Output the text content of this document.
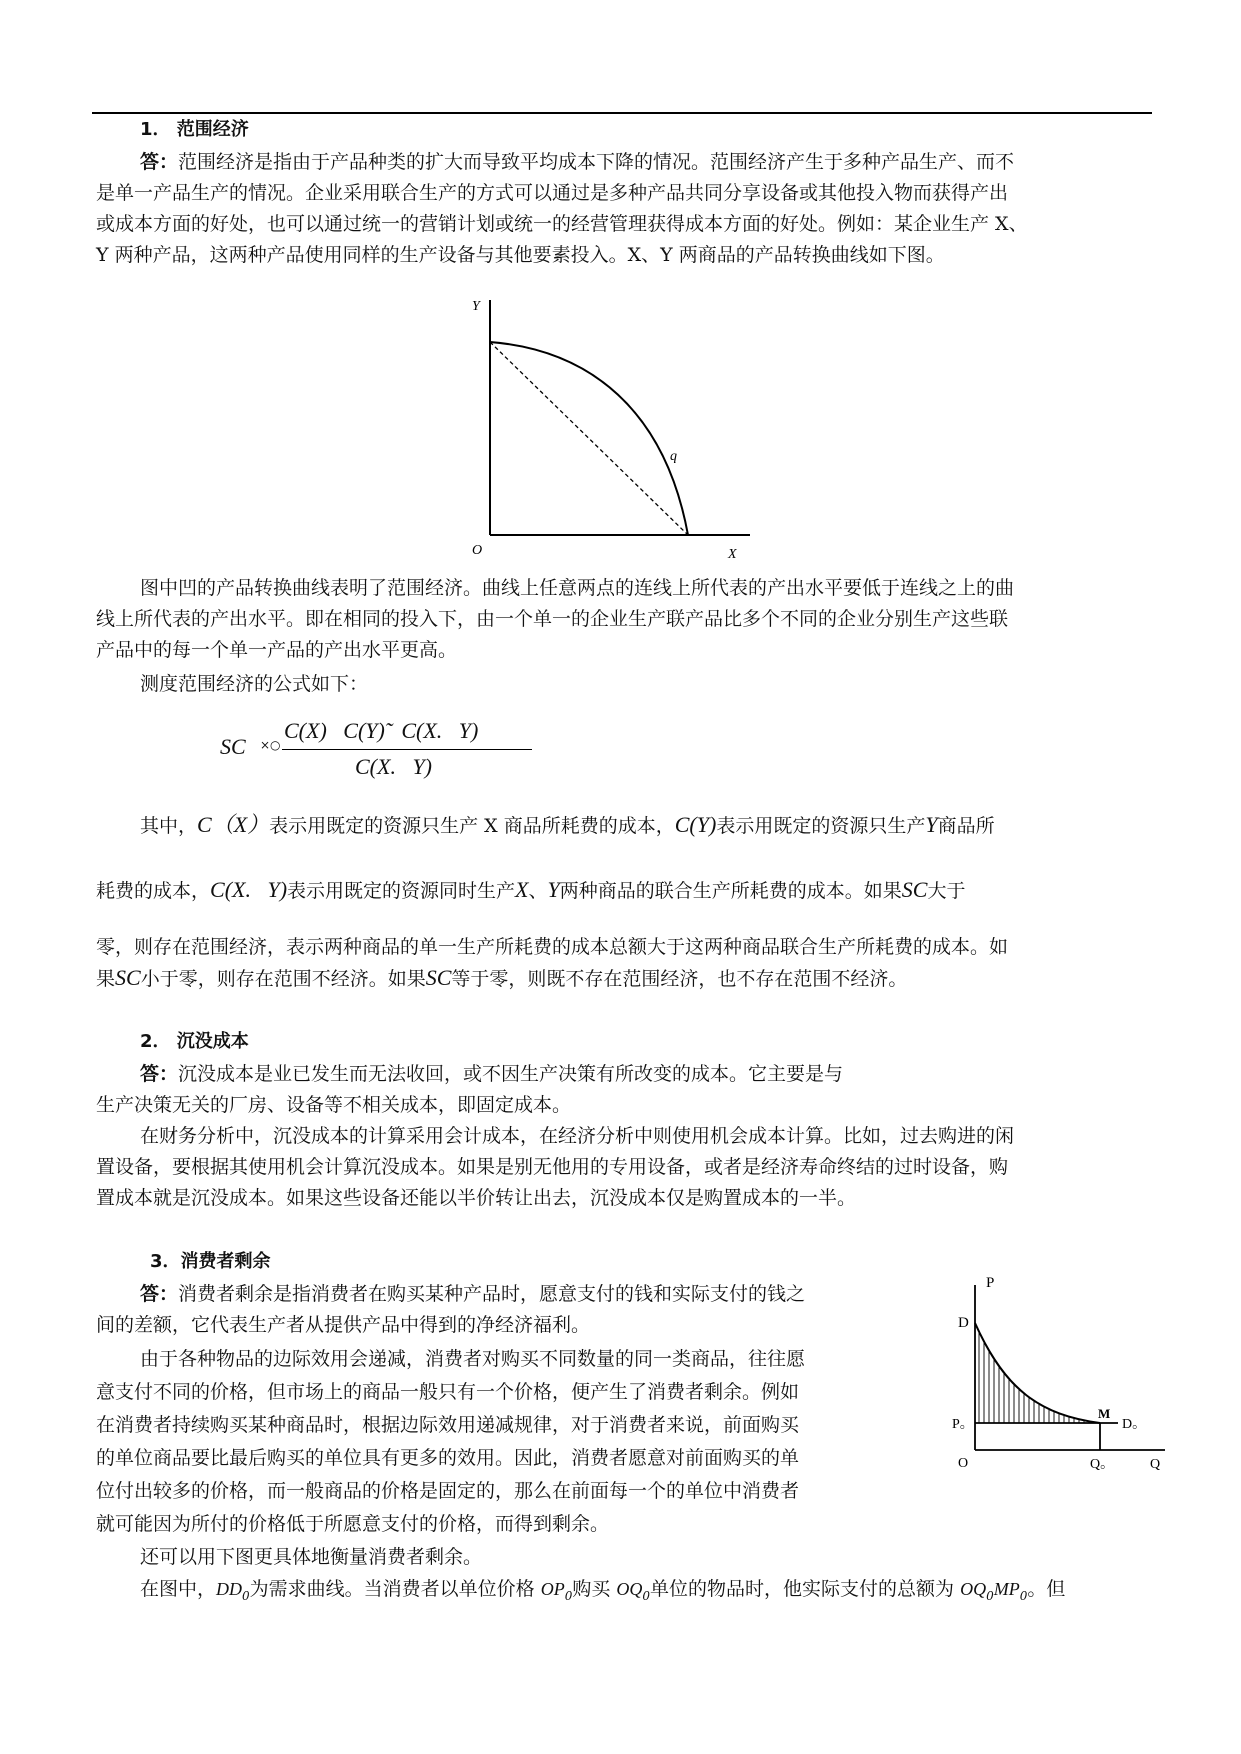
1． 范围经济
答：范围经济是指由于产品种类的扩大而导致平均成本下降的情况。范围经济产生于多种产品生产、而不
是单一产品生产的情况。企业采用联合生产的方式可以通过是多种产品共同分享设备或其他投入物而获得产出
或成本方面的好处，也可以通过统一的营销计划或统一的经营管理获得成本方面的好处。例如：某企业生产 X、
Y 两种产品，这两种产品使用同样的生产设备与其他要素投入。X、Y 两商品的产品转换曲线如下图。
Y
O	X
q
图中凹的产品转换曲线表明了范围经济。曲线上任意两点的连线上所代表的产出水平要低于连线之上的曲
线上所代表的产出水平。即在相同的投入下，由一个单一的企业生产联产品比多个不同的企业分别生产这些联
产品中的每一个单一产品的产出水平更高。
测度范围经济的公式如下：
SC ×○
C(X)   C(Y)̃   C(X.   Y)
C(X.   Y)
其中，C（X）表示用既定的资源只生产 X 商品所耗费的成本，C(Y)表示用既定的资源只生产Y商品所
耗费的成本，C(X.   Y)表示用既定的资源同时生产X、Y两种商品的联合生产所耗费的成本。如果SC大于
零，则存在范围经济，表示两种商品的单一生产所耗费的成本总额大于这两种商品联合生产所耗费的成本。如
果SC小于零，则存在范围不经济。如果SC等于零，则既不存在范围经济，也不存在范围不经济。
2． 沉没成本
答：沉没成本是业已发生而无法收回，或不因生产决策有所改变的成本。它主要是与
生产决策无关的厂房、设备等不相关成本，即固定成本。
在财务分析中，沉没成本的计算采用会计成本，在经济分析中则使用机会成本计算。比如，过去购进的闲
置设备，要根据其使用机会计算沉没成本。如果是别无他用的专用设备，或者是经济寿命终结的过时设备，购
置成本就是沉没成本。如果这些设备还能以半价转让出去，沉没成本仅是购置成本的一半。
3．消费者剩余
答：消费者剩余是指消费者在购买某种产品时，愿意支付的钱和实际支付的钱之
间的差额，它代表生产者从提供产品中得到的净经济福利。
由于各种物品的边际效用会递减，消费者对购买不同数量的同一类商品，往往愿
意支付不同的价格，但市场上的商品一般只有一个价格，便产生了消费者剩余。例如
在消费者持续购买某种商品时，根据边际效用递减规律，对于消费者来说，前面购买
的单位商品要比最后购买的单位具有更多的效用。因此，消费者愿意对前面购买的单
位付出较多的价格，而一般商品的价格是固定的，那么在前面每一个的单位中消费者
就可能因为所付的价格低于所愿意支付的价格，而得到剩余。
还可以用下图更具体地衡量消费者剩余。
在图中，$DD_0$为需求曲线。当消费者以单位价格 $OP_0$购买 $OQ_0$单位的物品时，他实际支付的总额为 $OQ_0MP_0$。但
P
D
M
P。	D。
O	Q。	Q
